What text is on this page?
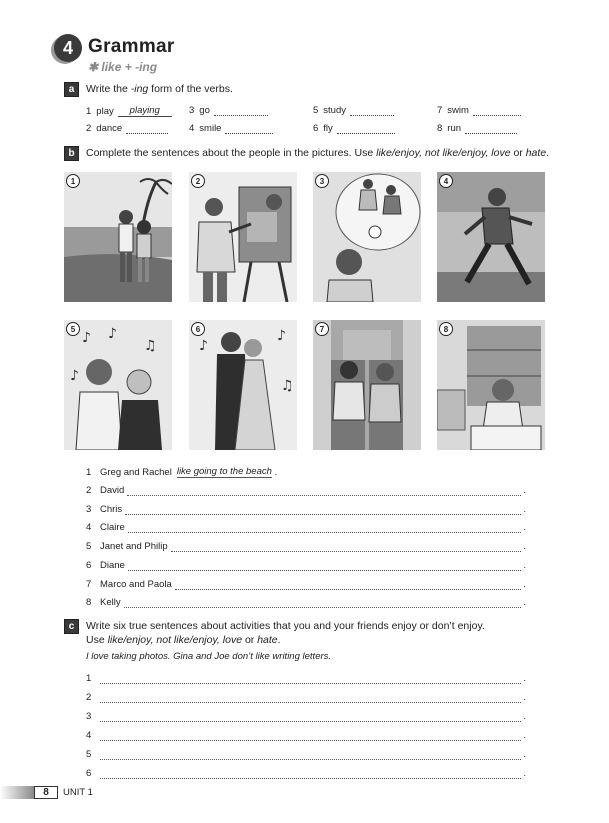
4 Grammar
✱ like + -ing
a	Write the -ing form of the verbs.
1 play	playing	3 go	5 study	7 swim
2 dance	4 smile	6 fly	8 run
b	Complete the sentences about the people in the pictures. Use like/enjoy, not like/enjoy, love or hate.
1	2	3	4
♪ ♪
♫
♪
5
♪
♪
♫
6	7	8
1 Greg and Rachel like going to the beach .
2 David	.
3 Chris	.
4 Claire	.
5 Janet and Philip	.
6 Diane	.
7 Marco and Paola	.
8 Kelly	.
c	Write six true sentences about activities that you and your friends enjoy or don’t enjoy.
Use like/enjoy, not like/enjoy, love or hate.
I love taking photos. Gina and Joe don’t like writing letters.
1	.
2	.
3	.
4	.
5	.
6	.
8	UNIT 1
